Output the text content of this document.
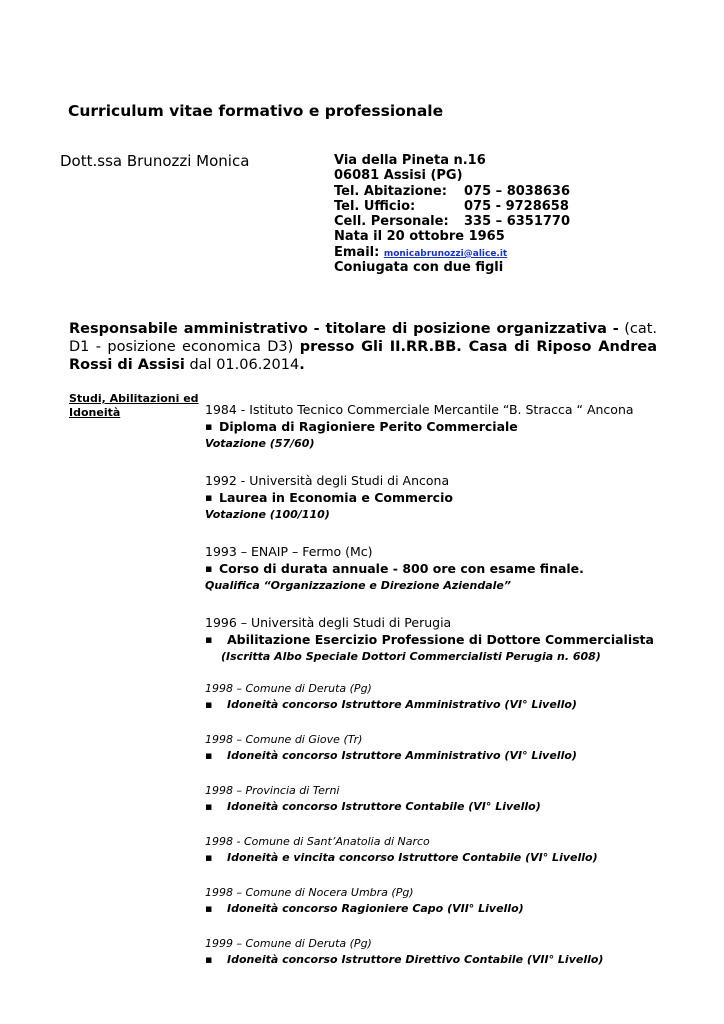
Curriculum vitae formativo e professionale
Dott.ssa Brunozzi Monica	Via della Pineta n.16
06081 Assisi (PG)
Tel. Abitazione: 075 – 8038636
Tel. Ufficio:	075 - 9728658
Cell. Personale: 335 – 6351770
Nata il 20 ottobre 1965
Email: monicabrunozzi@alice.it
Coniugata con due figli
Responsabile amministrativo - titolare di posizione organizzativa - (cat. D1 - posizione economica D3) presso Gli II.RR.BB. Casa di Riposo Andrea Rossi di Assisi dal 01.06.2014.
Studi, Abilitazioni ed
Idoneità	1984 - Istituto Tecnico Commerciale Mercantile “B. Stracca “ Ancona
▪ Diploma di Ragioniere Perito Commerciale
Votazione (57/60)
1992 - Università degli Studi di Ancona
▪ Laurea in Economia e Commercio
Votazione (100/110)
1993 – ENAIP – Fermo (Mc)
▪ Corso di durata annuale - 800 ore con esame finale.
Qualifica “Organizzazione e Direzione Aziendale”
1996 – Università degli Studi di Perugia
▪ Abilitazione Esercizio Professione di Dottore Commercialista
(Iscritta Albo Speciale Dottori Commercialisti Perugia n. 608)
1998 – Comune di Deruta (Pg)
▪ Idoneità concorso Istruttore Amministrativo (VI° Livello)
1998 – Comune di Giove (Tr)
▪ Idoneità concorso Istruttore Amministrativo (VI° Livello)
1998 – Provincia di Terni
▪ Idoneità concorso Istruttore Contabile (VI° Livello)
1998 - Comune di Sant’Anatolia di Narco
▪ Idoneità e vincita concorso Istruttore Contabile (VI° Livello)
1998 – Comune di Nocera Umbra (Pg)
▪ Idoneità concorso Ragioniere Capo (VII° Livello)
1999 – Comune di Deruta (Pg)
▪ Idoneità concorso Istruttore Direttivo Contabile (VII° Livello)
